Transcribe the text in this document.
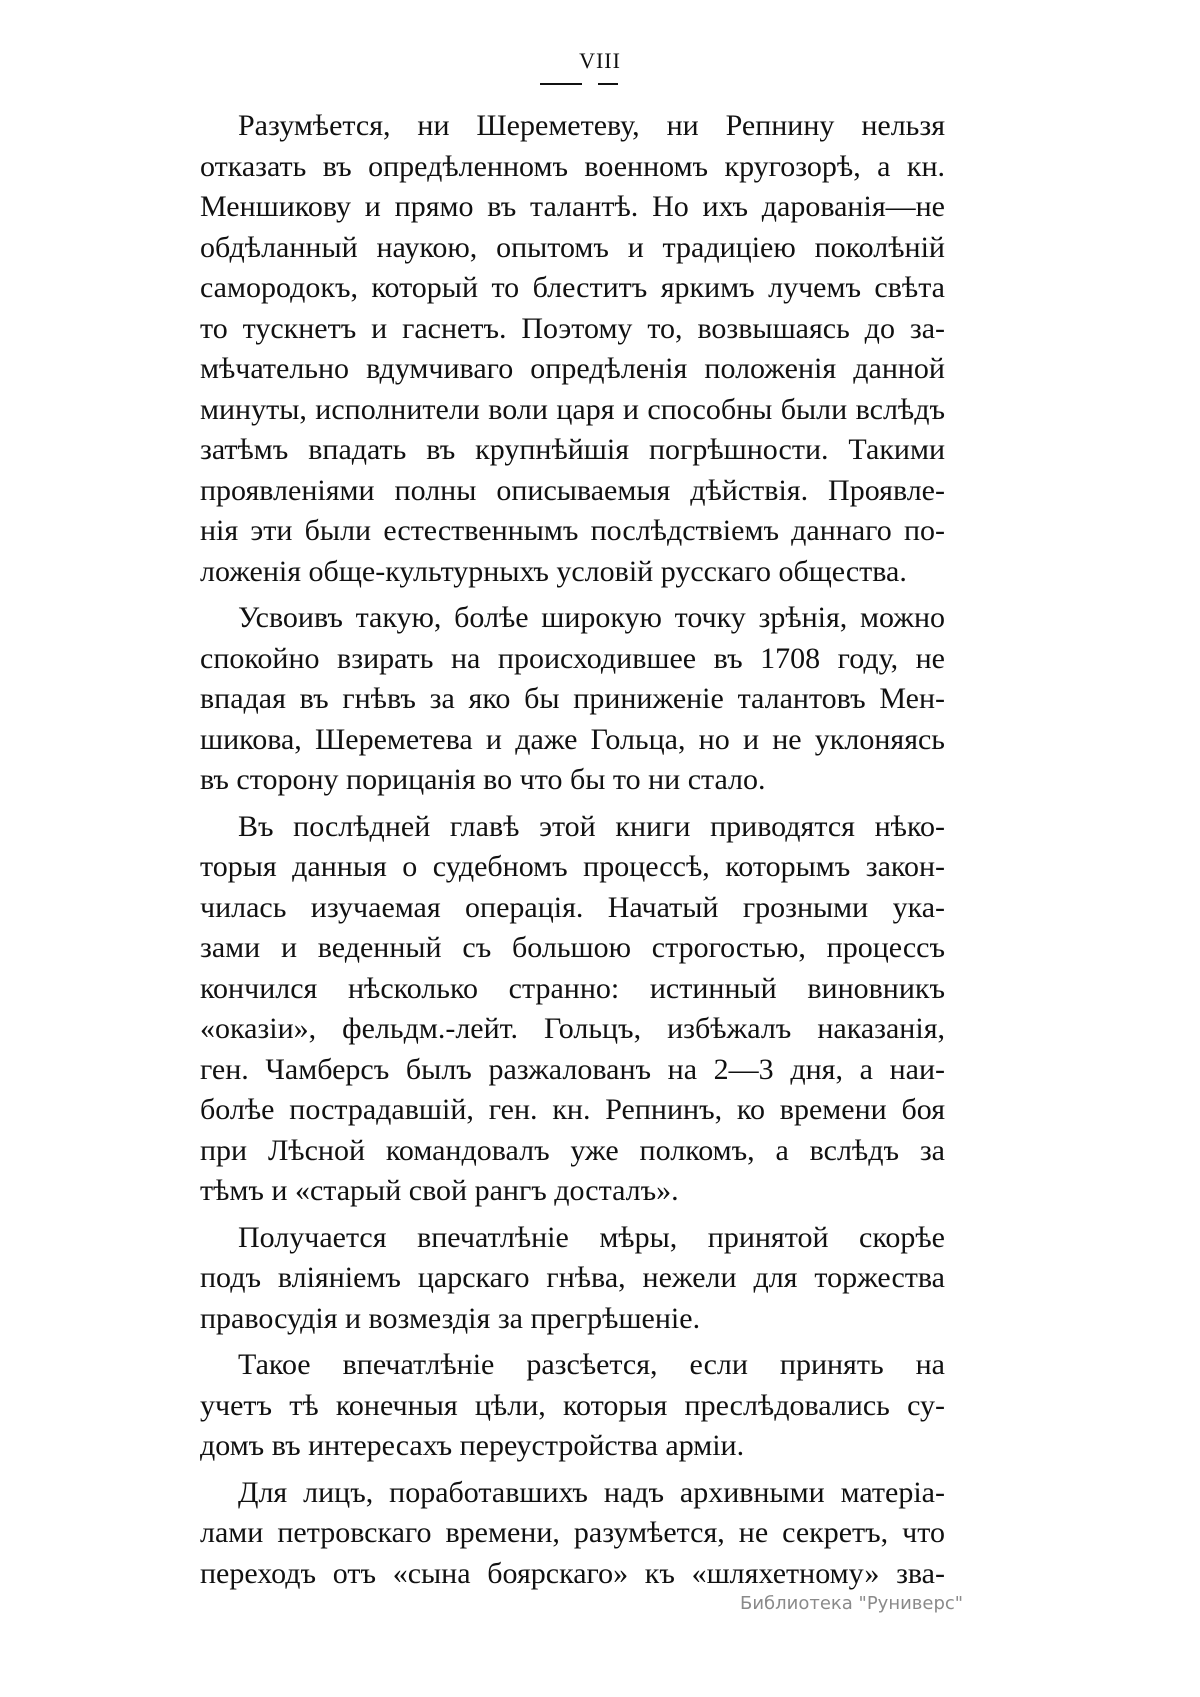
VIII
Разумѣется, ни Шереметеву, ни Репнину нельзя
отказать въ опредѣленномъ военномъ кругозорѣ, а кн.
Меншикову и прямо въ талантѣ. Но ихъ дарованія—не
обдѣланный наукою, опытомъ и традиціею поколѣній
самородокъ, который то блеститъ яркимъ лучемъ свѣта
то тускнетъ и гаснетъ. Поэтому то, возвышаясь до за-
мѣчательно вдумчиваго опредѣленія положенія данной
минуты, исполнители воли царя и способны были вслѣдъ
затѣмъ впадать въ крупнѣйшія погрѣшности. Такими
проявленіями полны описываемыя дѣйствія. Проявле-
нія эти были естественнымъ послѣдствіемъ даннаго по-
ложенія обще-культурныхъ условій русскаго общества.
Усвоивъ такую, болѣе широкую точку зрѣнія, можно
спокойно взирать на происходившее въ 1708 году, не
впадая въ гнѣвъ за яко бы приниженіе талантовъ Мен-
шикова, Шереметева и даже Гольца, но и не уклоняясь
въ сторону порицанія во что бы то ни стало.
Въ послѣдней главѣ этой книги приводятся нѣко-
торыя данныя о судебномъ процессѣ, которымъ закон-
чилась изучаемая операція. Начатый грозными ука-
зами и веденный съ большою строгостью, процессъ
кончился нѣсколько странно: истинный виновникъ
«оказіи», фельдм.-лейт. Гольцъ, избѣжалъ наказанія,
ген. Чамберсъ былъ разжалованъ на 2—3 дня, а наи-
болѣе пострадавшій, ген. кн. Репнинъ, ко времени боя
при Лѣсной командовалъ уже полкомъ, а вслѣдъ за
тѣмъ и «старый свой рангъ досталъ».
Получается впечатлѣніе мѣры, принятой скорѣе
подъ вліяніемъ царскаго гнѣва, нежели для торжества
правосудія и возмездія за прегрѣшеніе.
Такое впечатлѣніе разсѣется, если принять на
учетъ тѣ конечныя цѣли, которыя преслѣдовались су-
домъ въ интересахъ переустройства арміи.
Для лицъ, поработавшихъ надъ архивными матеріа-
лами петровскаго времени, разумѣется, не секретъ, что
переходъ отъ «сына боярскаго» къ «шляхетному» зва-
Библиотека "Руниверс"
